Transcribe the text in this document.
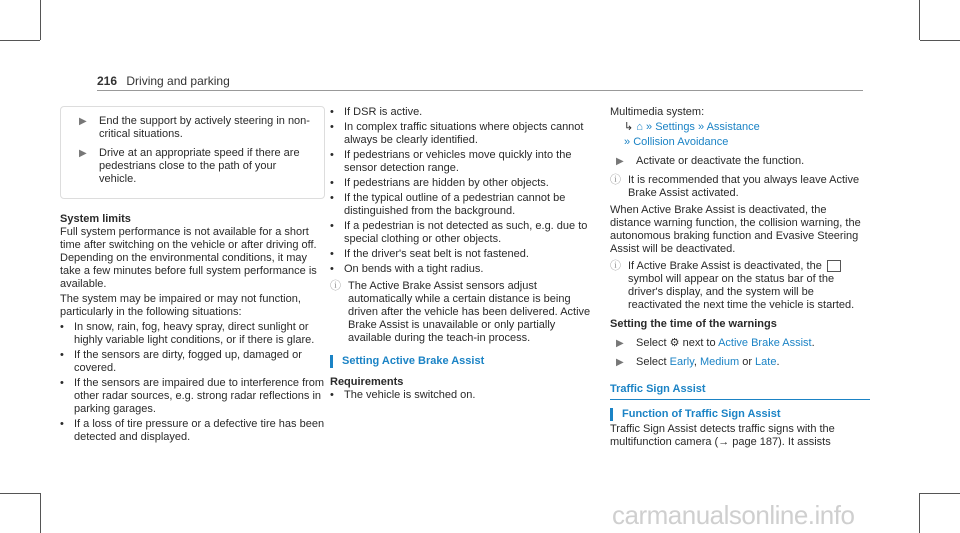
216 Driving and parking
▶	End the support by actively steering in non-critical situations.
▶	Drive at an appropriate speed if there are pedestrians close to the path of your vehicle.

System limits

Full system performance is not available for a short time after switching on the vehicle or after driving off. Depending on the environmental conditions, it may take a few minutes before full system performance is available.

The system may be impaired or may not function, particularly in the following situations:

• In snow, rain, fog, heavy spray, direct sunlight or highly variable light conditions, or if there is glare.
• If the sensors are dirty, fogged up, damaged or covered.
• If the sensors are impaired due to interference from other radar sources, e.g. strong radar reflections in parking garages.
• If a loss of tire pressure or a defective tire has been detected and displayed.
• If DSR is active.
• In complex traffic situations where objects cannot always be clearly identified.
• If pedestrians or vehicles move quickly into the sensor detection range.
• If pedestrians are hidden by other objects.
• If the typical outline of a pedestrian cannot be distinguished from the background.
• If a pedestrian is not detected as such, e.g. due to special clothing or other objects.
• If the driver's seat belt is not fastened.
• On bends with a tight radius.
ⓘ The Active Brake Assist sensors adjust automatically while a certain distance is being driven after the vehicle has been delivered. Active Brake Assist is unavailable or only partially available during the teach-in process.
Setting Active Brake Assist

Requirements

• The vehicle is switched on.

Multimedia system:

↳ ⌂ » Settings » Assistance
» Collision Avoidance
▶	Activate or deactivate the function.
ⓘ It is recommended that you always leave Active Brake Assist activated.

When Active Brake Assist is deactivated, the distance warning function, the collision warning, the autonomous braking function and Evasive Steering Assist will be deactivated.

ⓘ If Active Brake Assist is deactivated, the  symbol will appear on the status bar of the driver's display, and the system will be reactivated the next time the vehicle is started.

Setting the time of the warnings

▶	Select ⚙ next to Active Brake Assist.
▶	Select Early, Medium or Late.
Traffic Sign Assist
Function of Traffic Sign Assist

Traffic Sign Assist detects traffic signs with the multifunction camera (→ page 187). It assists

carmanualsonline.info
